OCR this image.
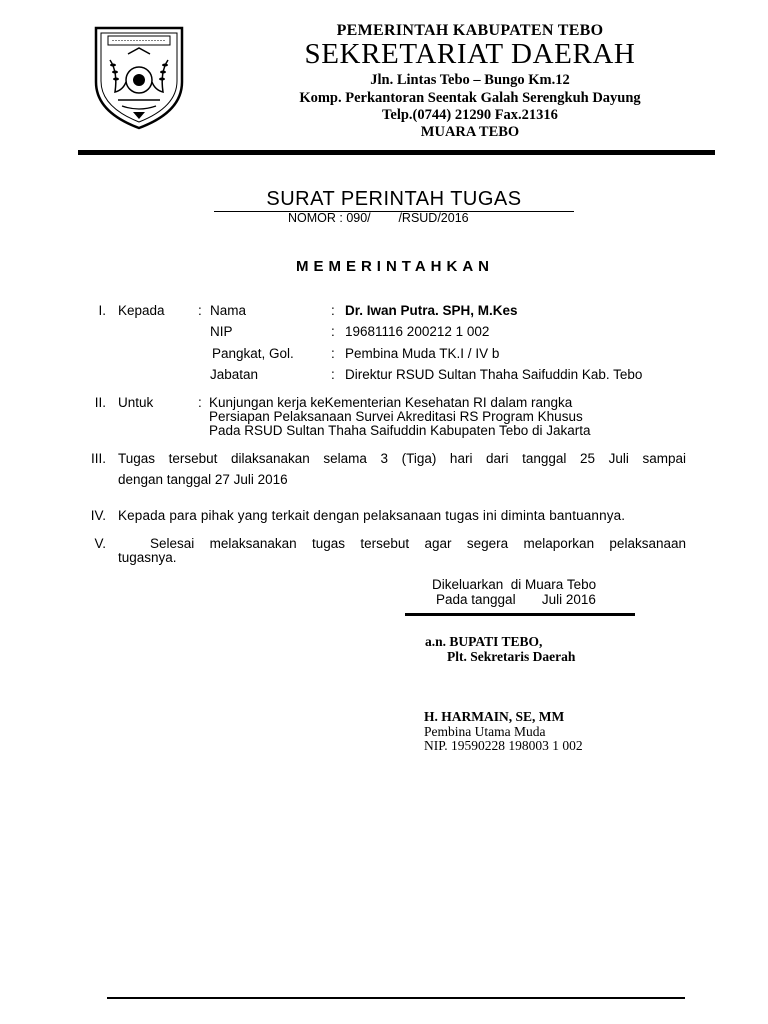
PEMERINTAH KABUPATEN TEBO
SEKRETARIAT DAERAH
Jln. Lintas Tebo – Bungo Km.12
Komp. Perkantoran Seentak Galah Serengkuh Dayung
Telp.(0744) 21290 Fax.21316
MUARA TEBO
SURAT PERINTAH TUGAS
NOMOR : 090/        /RSUD/2016
MEMERINTAHKAN
I. Kepada : Nama	: Dr. Iwan Putra. SPH, M.Kes
NIP	: 19681116 200212 1 002
Pangkat, Gol.	: Pembina Muda TK.I / IV b
Jabatan	: Direktur RSUD Sultan Thaha Saifuddin Kab. Tebo
II. Untuk	: Kunjungan kerja keKementerian Kesehatan RI dalam rangka
Persiapan Pelaksanaan Survei Akreditasi RS Program Khusus
Pada RSUD Sultan Thaha Saifuddin Kabupaten Tebo di Jakarta
III. Tugas tersebut dilaksanakan selama 3 (Tiga) hari dari tanggal 25 Juli sampai
dengan tanggal 27 Juli 2016
IV. Kepada para pihak yang terkait dengan pelaksanaan tugas ini diminta bantuannya.
V.	Selesai melaksanakan tugas tersebut agar segera melaporkan pelaksanaan
tugasnya.
Dikeluarkan  di Muara Tebo
Pada tanggal       Juli 2016
a.n. BUPATI TEBO,
Plt. Sekretaris Daerah
H. HARMAIN, SE, MM
Pembina Utama Muda
NIP. 19590228 198003 1 002
